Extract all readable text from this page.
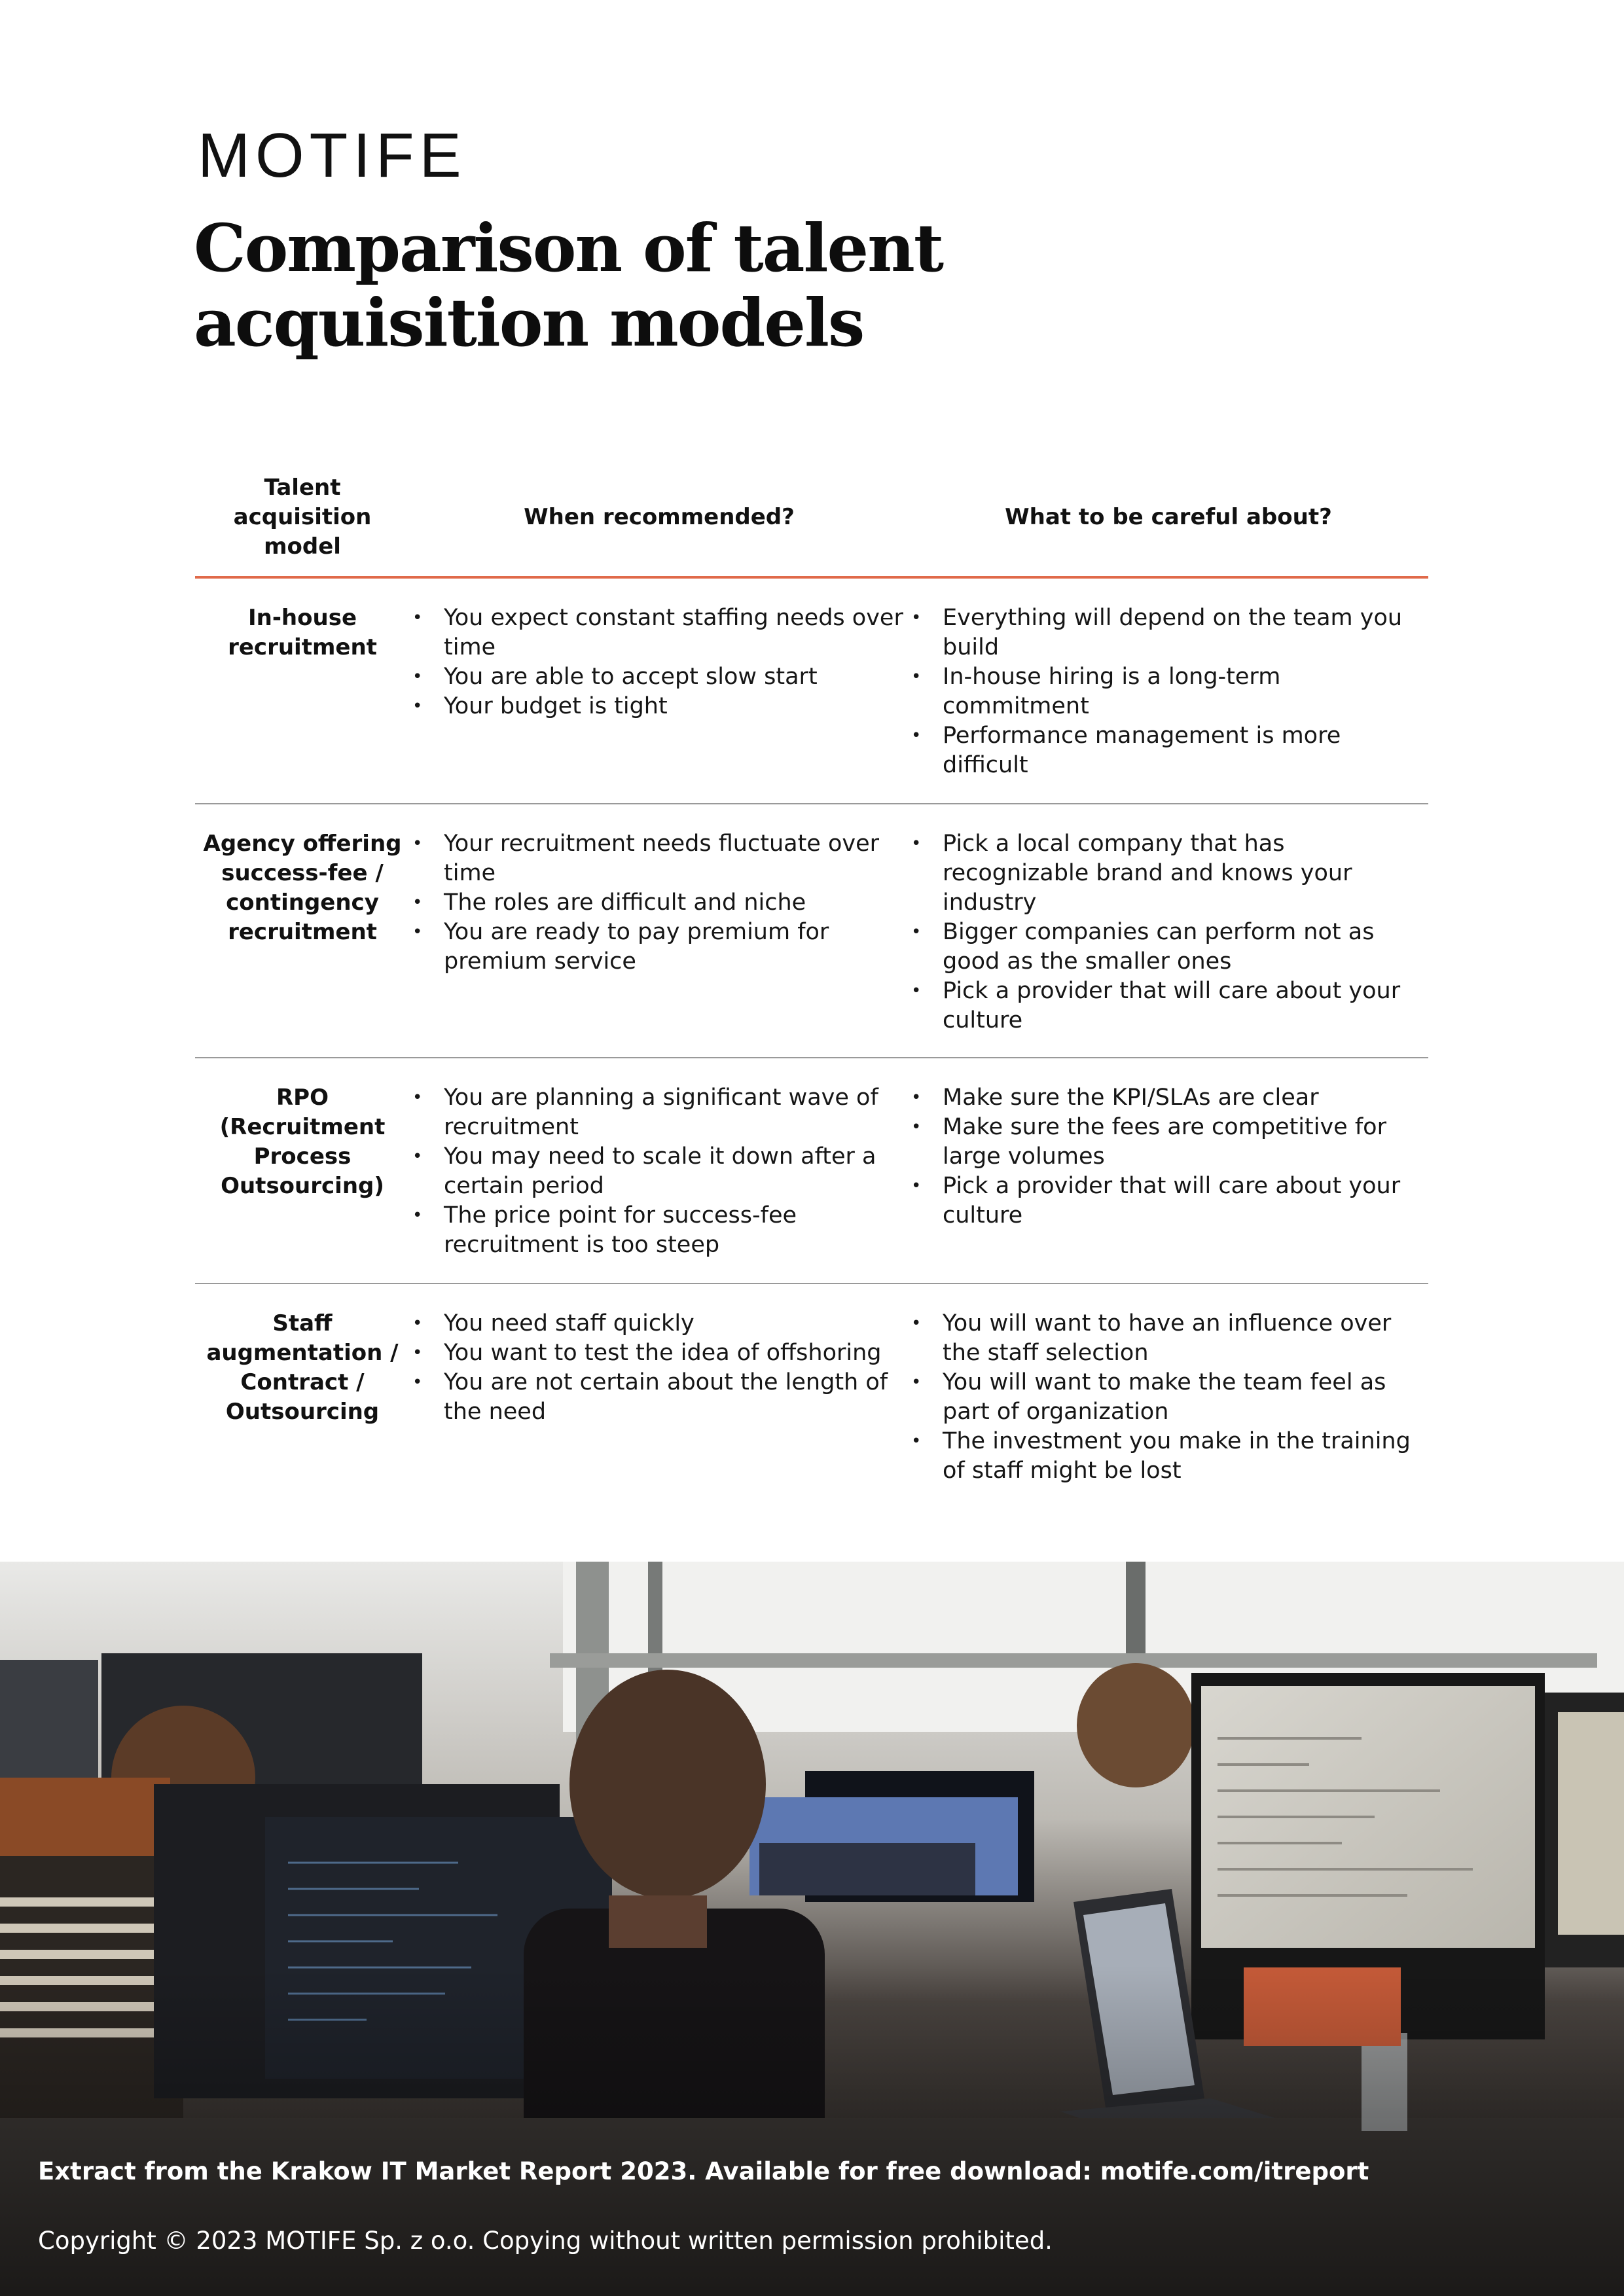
MOTIFE
Comparison of talent acquisition models
Talent acquisition model
When recommended?	What to be careful about?
In-house recruitment
• You expect constant staffing needs over time
• You are able to accept slow start
• Your budget is tight
• Everything will depend on the team you build
• In-house hiring is a long-term commitment
• Performance management is more difficult
Agency offering success-fee / contingency recruitment
• Your recruitment needs fluctuate over time
• The roles are difficult and niche
• You are ready to pay premium for premium service
• Pick a local company that has recognizable brand and knows your industry
• Bigger companies can perform not as good as the smaller ones
• Pick a provider that will care about your culture
RPO (Recruitment Process Outsourcing)
• You are planning a significant wave of recruitment
• You may need to scale it down after a certain period
• The price point for success-fee recruitment is too steep
• Make sure the KPI/SLAs are clear
• Make sure the fees are competitive for large volumes
• Pick a provider that will care about your culture
Staff augmentation / Contract / Outsourcing
• You need staff quickly
• You want to test the idea of offshoring
• You are not certain about the length of the need
• You will want to have an influence over the staff selection
• You will want to make the team feel as part of organization
• The investment you make in the training of staff might be lost
Extract from the Krakow IT Market Report 2023. Available for free download: motife.com/itreport
Copyright © 2023 MOTIFE Sp. z o.o. Copying without written permission prohibited.
